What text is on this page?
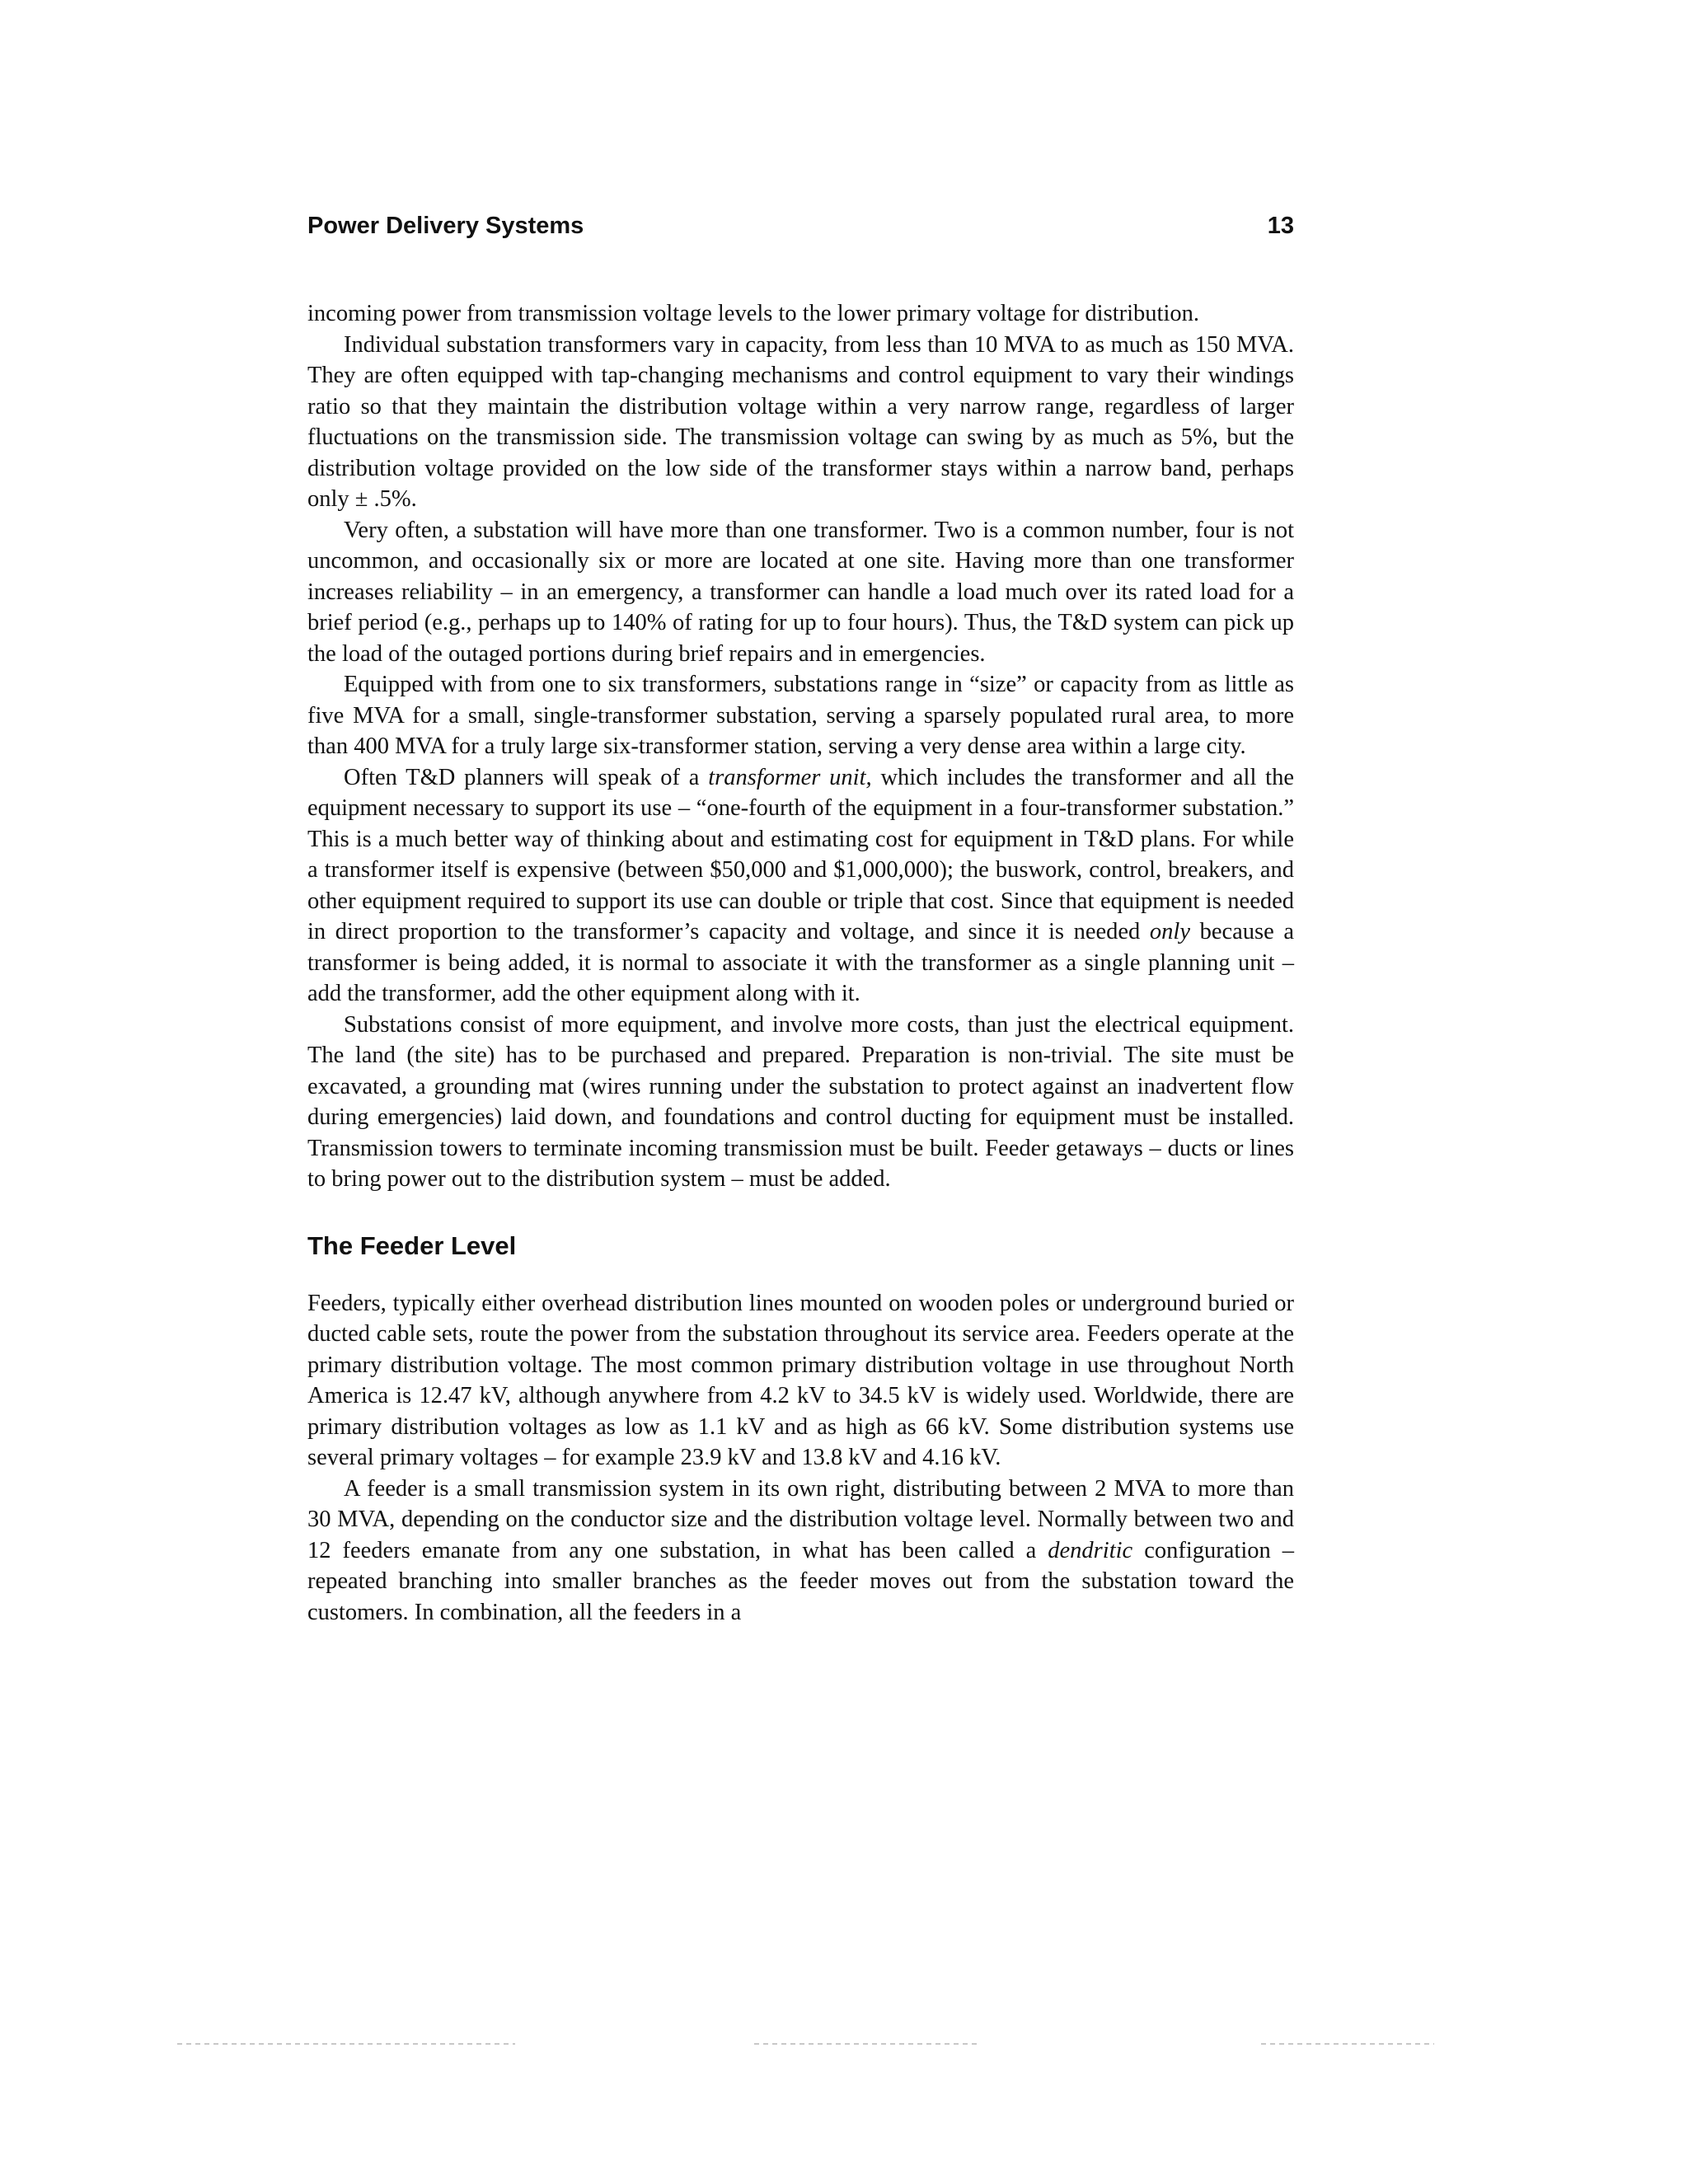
Power Delivery Systems	13

incoming power from transmission voltage levels to the lower primary voltage for distribution.

Individual substation transformers vary in capacity, from less than 10 MVA to as much as 150 MVA. They are often equipped with tap-changing mechanisms and control equipment to vary their windings ratio so that they maintain the distribution voltage within a very narrow range, regardless of larger fluctuations on the transmission side. The transmission voltage can swing by as much as 5%, but the distribution voltage provided on the low side of the transformer stays within a narrow band, perhaps only ± .5%.

Very often, a substation will have more than one transformer. Two is a common number, four is not uncommon, and occasionally six or more are located at one site. Having more than one transformer increases reliability – in an emergency, a transformer can handle a load much over its rated load for a brief period (e.g., perhaps up to 140% of rating for up to four hours). Thus, the T&D system can pick up the load of the outaged portions during brief repairs and in emergencies.

Equipped with from one to six transformers, substations range in “size” or capacity from as little as five MVA for a small, single-transformer substation, serving a sparsely populated rural area, to more than 400 MVA for a truly large six-transformer station, serving a very dense area within a large city.

Often T&D planners will speak of a transformer unit, which includes the transformer and all the equipment necessary to support its use – “one-fourth of the equipment in a four-transformer substation.” This is a much better way of thinking about and estimating cost for equipment in T&D plans. For while a transformer itself is expensive (between $50,000 and $1,000,000); the buswork, control, breakers, and other equipment required to support its use can double or triple that cost. Since that equipment is needed in direct proportion to the transformer’s capacity and voltage, and since it is needed only because a transformer is being added, it is normal to associate it with the transformer as a single planning unit – add the transformer, add the other equipment along with it.

Substations consist of more equipment, and involve more costs, than just the electrical equipment. The land (the site) has to be purchased and prepared. Preparation is non-trivial. The site must be excavated, a grounding mat (wires running under the substation to protect against an inadvertent flow during emergencies) laid down, and foundations and control ducting for equipment must be installed. Transmission towers to terminate incoming transmission must be built. Feeder getaways – ducts or lines to bring power out to the distribution system – must be added.

The Feeder Level

Feeders, typically either overhead distribution lines mounted on wooden poles or underground buried or ducted cable sets, route the power from the substation throughout its service area. Feeders operate at the primary distribution voltage. The most common primary distribution voltage in use throughout North America is 12.47 kV, although anywhere from 4.2 kV to 34.5 kV is widely used. Worldwide, there are primary distribution voltages as low as 1.1 kV and as high as 66 kV. Some distribution systems use several primary voltages – for example 23.9 kV and 13.8 kV and 4.16 kV.

A feeder is a small transmission system in its own right, distributing between 2 MVA to more than 30 MVA, depending on the conductor size and the distribution voltage level. Normally between two and 12 feeders emanate from any one substation, in what has been called a dendritic configuration – repeated branching into smaller branches as the feeder moves out from the substation toward the customers. In combination, all the feeders in a
